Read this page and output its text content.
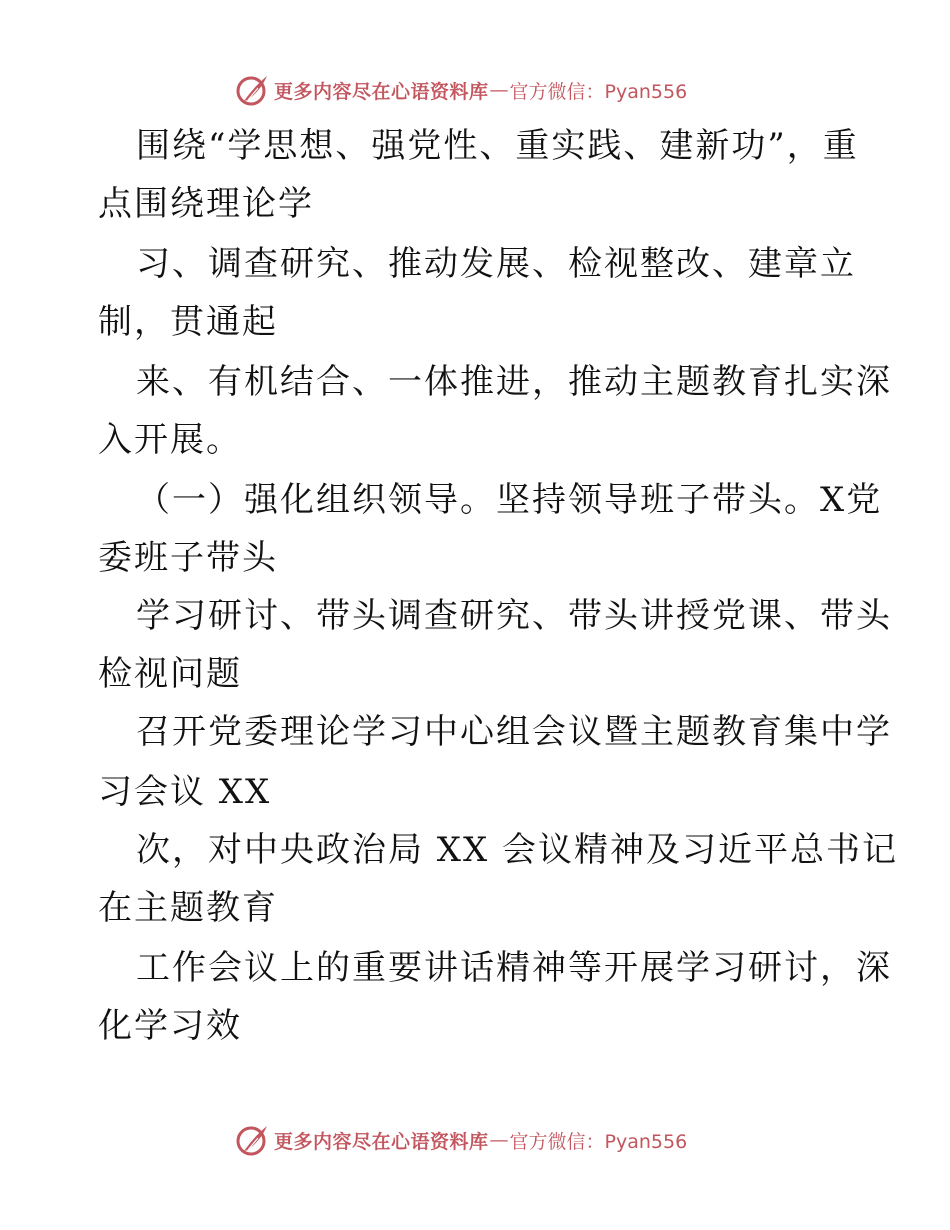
更多内容尽在心语资料库 — 官方微信：Pyan556
围绕“学思想、强党性、重实践、建新功”，重
点围绕理论学
习、调查研究、推动发展、检视整改、建章立
制，贯通起
来、有机结合、一体推进，推动主题教育扎实深
入开展。
（一）强化组织领导。坚持领导班子带头。X党
委班子带头
学习研讨、带头调查研究、带头讲授党课、带头
检视问题
召开党委理论学习中心组会议暨主题教育集中学
习会议 XX
次，对中央政治局 XX 会议精神及习近平总书记
在主题教育
工作会议上的重要讲话精神等开展学习研讨，深
化学习效
更多内容尽在心语资料库 — 官方微信：Pyan556
